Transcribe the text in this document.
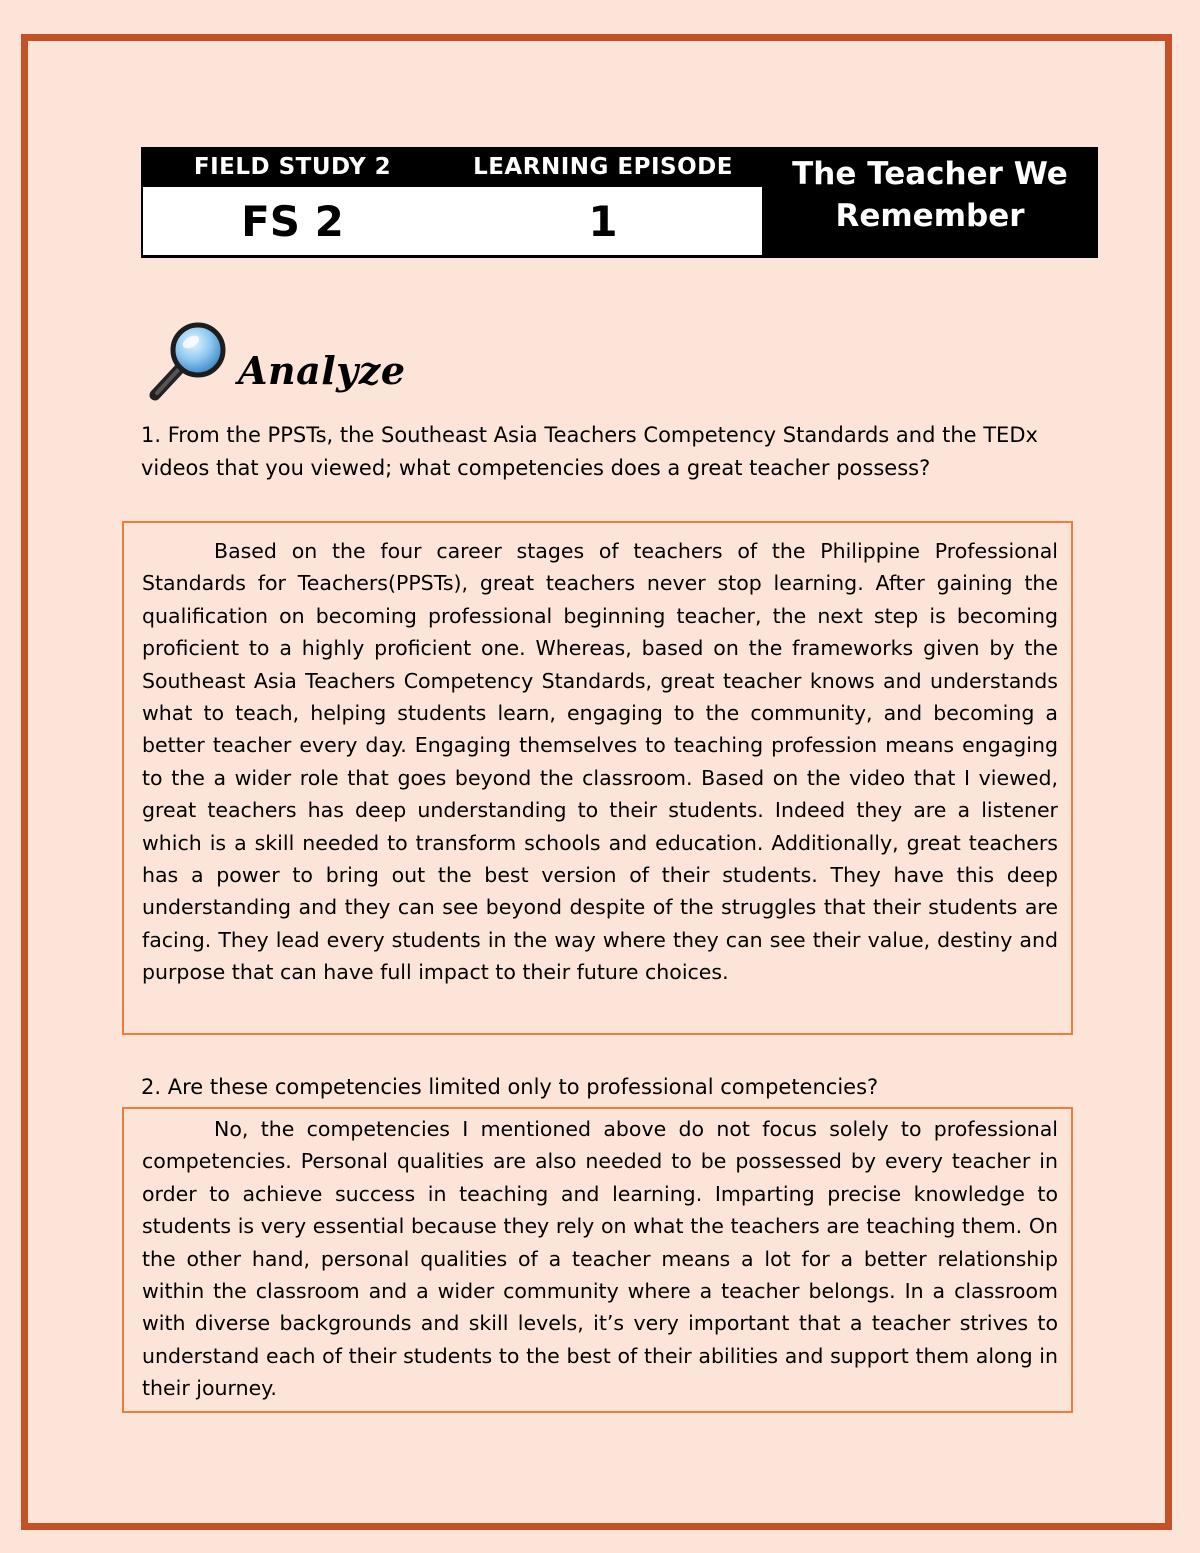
FIELD STUDY 2	LEARNING EPISODE
FS 2	1
The Teacher We Remember
Analyze
1. From the PPSTs, the Southeast Asia Teachers Competency Standards and the TEDx videos that you viewed; what competencies does a great teacher possess?
Based on the four career stages of teachers of the Philippine Professional Standards for Teachers(PPSTs), great teachers never stop learning. After gaining the qualification on becoming professional beginning teacher, the next step is becoming proficient to a highly proficient one. Whereas, based on the frameworks given by the Southeast Asia Teachers Competency Standards, great teacher knows and understands what to teach, helping students learn, engaging to the community, and becoming a better teacher every day. Engaging themselves to teaching profession means engaging to the a wider role that goes beyond the classroom. Based on the video that I viewed, great teachers has deep understanding to their students. Indeed they are a listener which is a skill needed to transform schools and education. Additionally, great teachers has a power to bring out the best version of their students. They have this deep understanding and they can see beyond despite of the struggles that their students are facing. They lead every students in the way where they can see their value, destiny and purpose that can have full impact to their future choices.
2. Are these competencies limited only to professional competencies?
No, the competencies I mentioned above do not focus solely to professional competencies. Personal qualities are also needed to be possessed by every teacher in order to achieve success in teaching and learning. Imparting precise knowledge to students is very essential because they rely on what the teachers are teaching them. On the other hand, personal qualities of a teacher means a lot for a better relationship within the classroom and a wider community where a teacher belongs. In a classroom with diverse backgrounds and skill levels, it’s very important that a teacher strives to understand each of their students to the best of their abilities and support them along in their journey.
